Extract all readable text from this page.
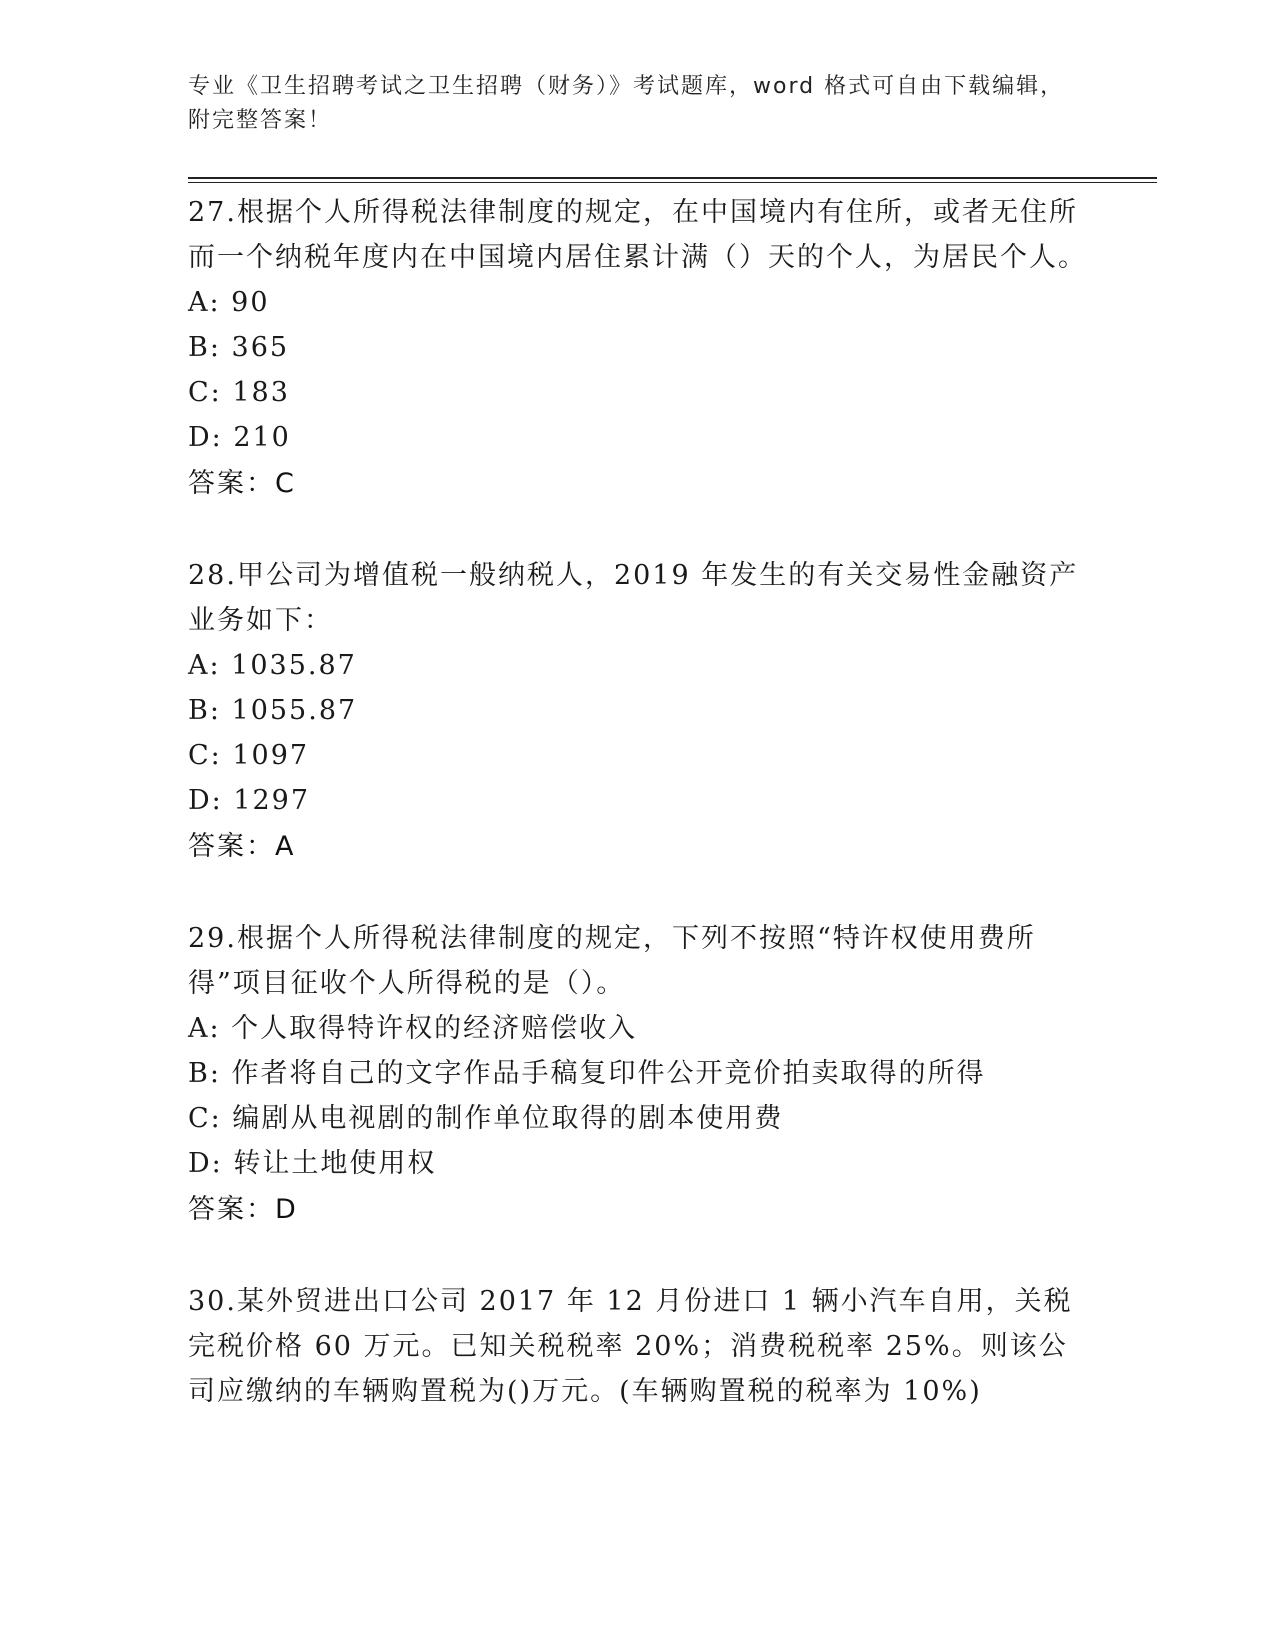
专业《卫生招聘考试之卫生招聘（财务）》考试题库，word 格式可自由下载编辑，附完整答案！

27.根据个人所得税法律制度的规定，在中国境内有住所，或者无住所而一个纳税年度内在中国境内居住累计满（）天的个人，为居民个人。

A: 90

B: 365

C: 183

D: 210

答案：C

28.甲公司为增值税一般纳税人，2019 年发生的有关交易性金融资产业务如下：

A: 1035.87

B: 1055.87

C: 1097

D: 1297

答案：A

29.根据个人所得税法律制度的规定，下列不按照“特许权使用费所得”项目征收个人所得税的是（）。

A: 个人取得特许权的经济赔偿收入

B: 作者将自己的文字作品手稿复印件公开竞价拍卖取得的所得

C: 编剧从电视剧的制作单位取得的剧本使用费

D: 转让土地使用权

答案：D

30.某外贸进出口公司 2017 年 12 月份进口 1 辆小汽车自用，关税完税价格 60 万元。已知关税税率 20%；消费税税率 25%。则该公司应缴纳的车辆购置税为()万元。(车辆购置税的税率为 10%)
